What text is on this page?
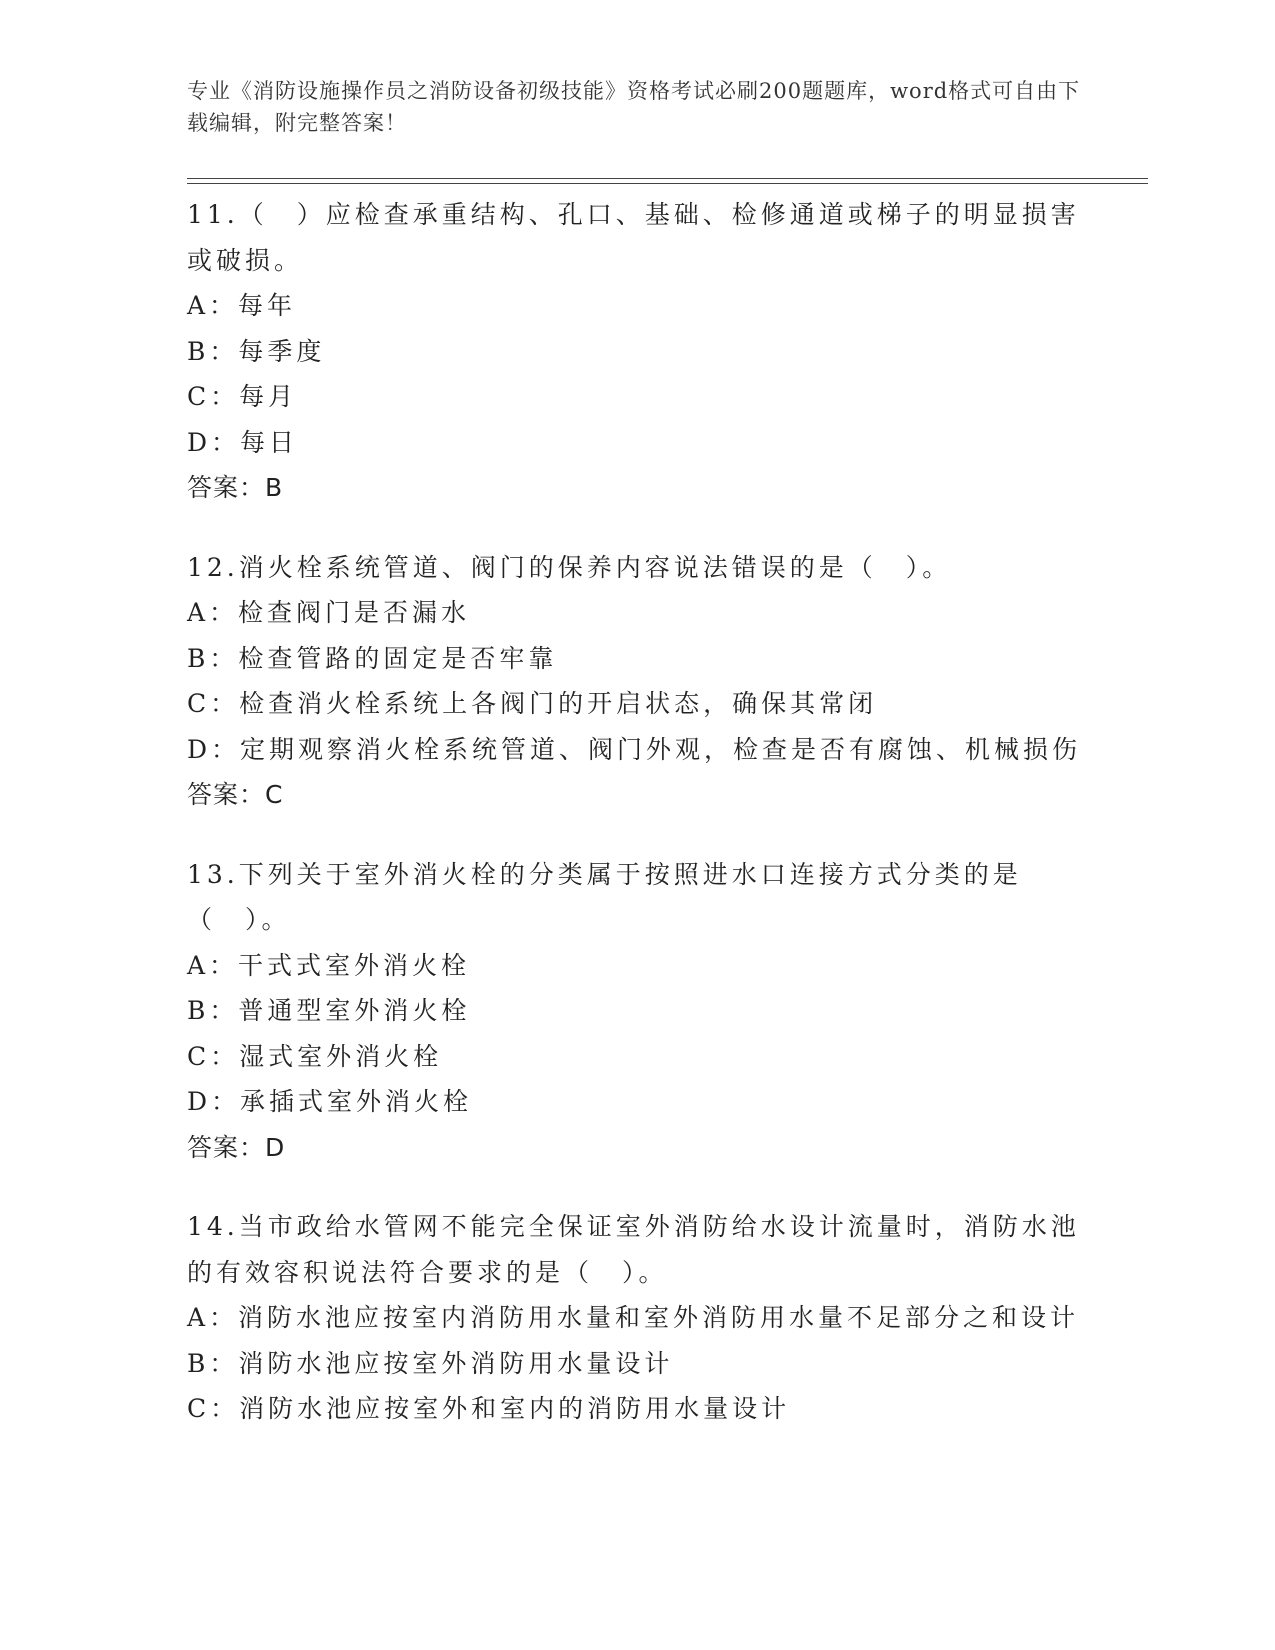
专业《消防设施操作员之消防设备初级技能》资格考试必刷200题题库，word格式可自由下载编辑，附完整答案！
11.（　）应检查承重结构、孔口、基础、检修通道或梯子的明显损害或破损。
A：每年
B：每季度
C：每月
D：每日
答案：B
12.消火栓系统管道、阀门的保养内容说法错误的是（　）。
A：检查阀门是否漏水
B：检查管路的固定是否牢靠
C：检查消火栓系统上各阀门的开启状态，确保其常闭
D：定期观察消火栓系统管道、阀门外观，检查是否有腐蚀、机械损伤
答案：C
13.下列关于室外消火栓的分类属于按照进水口连接方式分类的是（　）。
A：干式式室外消火栓
B：普通型室外消火栓
C：湿式室外消火栓
D：承插式室外消火栓
答案：D
14.当市政给水管网不能完全保证室外消防给水设计流量时，消防水池的有效容积说法符合要求的是（　）。
A：消防水池应按室内消防用水量和室外消防用水量不足部分之和设计
B：消防水池应按室外消防用水量设计
C：消防水池应按室外和室内的消防用水量设计
